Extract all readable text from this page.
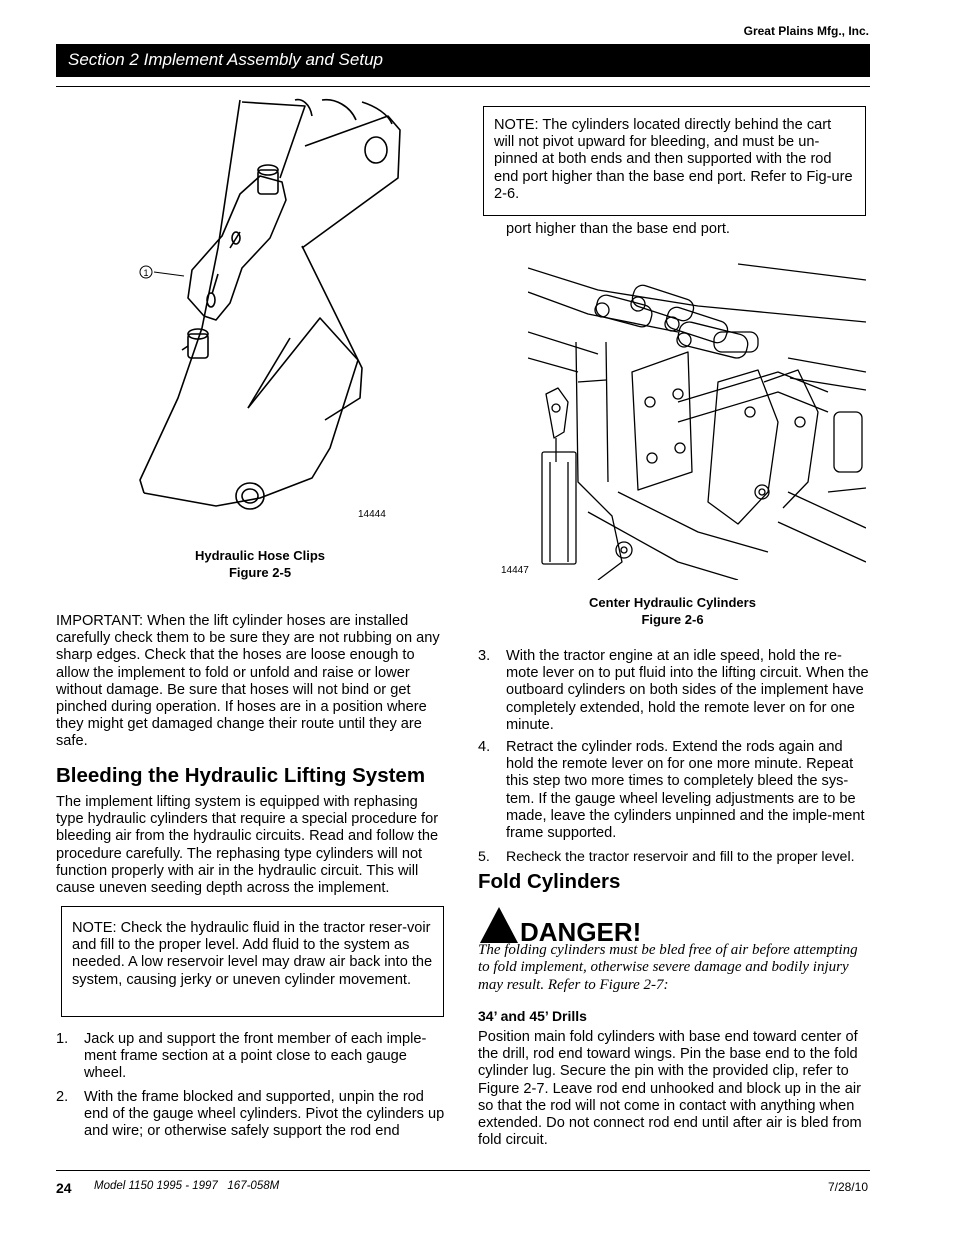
Great Plains Mfg., Inc.
Section 2 Implement Assembly and Setup
1
14444
Hydraulic Hose Clips
Figure 2-5
NOTE: The cylinders located directly behind the cart will not pivot upward for bleeding, and must be un-pinned at both ends and then supported with the rod end port higher than the base end port. Refer to Fig-ure 2-6.
port higher than the base end port.
14447
Center Hydraulic Cylinders
Figure 2-6
IMPORTANT: When the lift cylinder hoses are installed carefully check them to be sure they are not rubbing on any sharp edges. Check that the hoses are loose enough to allow the implement to fold or unfold and raise or lower without damage. Be sure that hoses will not bind or get pinched during operation. If hoses are in a position where they might get damaged change their route until they are safe.
Bleeding the Hydraulic Lifting System
The implement lifting system is equipped with rephasing type hydraulic cylinders that require a special procedure for bleeding air from the hydraulic circuits. Read and follow the procedure carefully. The rephasing type cylinders will not function properly with air in the hydraulic circuit. This will cause uneven seeding depth across the implement.
NOTE: Check the hydraulic fluid in the tractor reser-voir and fill to the proper level. Add fluid to the system as needed. A low reservoir level may draw air back into the system, causing jerky or uneven cylinder movement.
1. Jack up and support the front member of each imple-ment frame section at a point close to each gauge wheel.
2. With the frame blocked and supported, unpin the rod end of the gauge wheel cylinders. Pivot the cylinders up and wire; or otherwise safely support the rod end
3. With the tractor engine at an idle speed, hold the re-mote lever on to put fluid into the lifting circuit. When the outboard cylinders on both sides of the implement have completely extended, hold the remote lever on for one minute.
4. Retract the cylinder rods. Extend the rods again and hold the remote lever on for one more minute. Repeat this step two more times to completely bleed the sys-tem. If the gauge wheel leveling adjustments are to be made, leave the cylinders unpinned and the imple-ment frame supported.
5. Recheck the tractor reservoir and fill to the proper level.
Fold Cylinders
DANGER!
The folding cylinders must be bled free of air before attempting to fold implement, otherwise severe damage and bodily injury may result. Refer to Figure 2-7:
34’ and 45’ Drills
Position main fold cylinders with base end toward center of the drill, rod end toward wings. Pin the base end to the fold cylinder lug. Secure the pin with the provided clip, refer to Figure 2-7. Leave rod end unhooked and block up in the air so that the rod will not come in contact with anything when extended. Do not connect rod end until after air is bled from fold circuit.
24 Model 1150 1995 - 1997   167-058M	7/28/10
